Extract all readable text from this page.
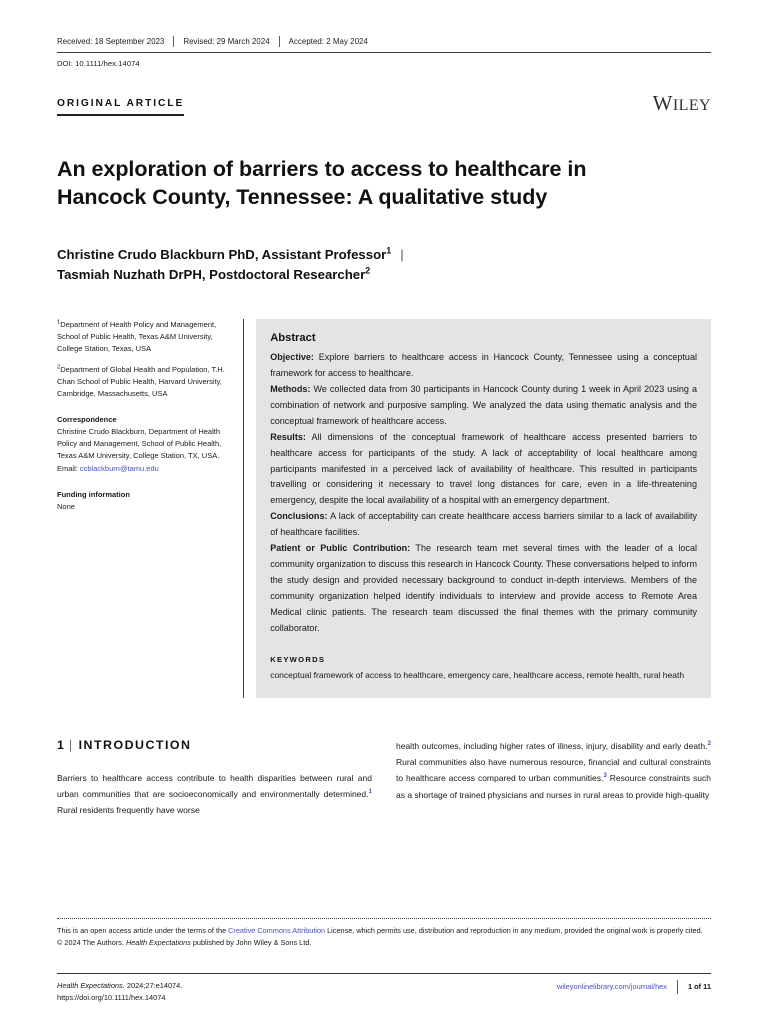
Received: 18 September 2023	Revised: 29 March 2024	Accepted: 2 May 2024
DOI: 10.1111/hex.14074
ORIGINAL ARTICLE	WILEY
An exploration of barriers to access to healthcare in Hancock County, Tennessee: A qualitative study
Christine Crudo Blackburn PhD, Assistant Professor$^1$ |
Tasmiah Nuzhath DrPH, Postdoctoral Researcher$^2$

$^1$Department of Health Policy and Management, School of Public Health, Texas A&M University, College Station, Texas, USA

$^2$Department of Global Health and Population, T.H. Chan School of Public Health, Harvard University, Cambridge, Massachusetts, USA

Correspondence

Christine Crudo Blackburn, Department of Health Policy and Management, School of Public Health, Texas A&M University, College Station, TX, USA.
Email: ccblackburn@tamu.edu

Funding information

None

Abstract

Objective: Explore barriers to healthcare access in Hancock County, Tennessee using a conceptual framework for access to healthcare.

Methods: We collected data from 30 participants in Hancock County during 1 week in April 2023 using a combination of network and purposive sampling. We analyzed the data using thematic analysis and the conceptual framework of healthcare access.

Results: All dimensions of the conceptual framework of healthcare access presented barriers to healthcare access for participants of the study. A lack of acceptability of local healthcare among participants manifested in a perceived lack of availability of healthcare. This resulted in participants travelling or considering it necessary to travel long distances for care, even in a life-threatening emergency, despite the local availability of a hospital with an emergency department.

Conclusions: A lack of acceptability can create healthcare access barriers similar to a lack of availability of healthcare facilities.

Patient or Public Contribution: The research team met several times with the leader of a local community organization to discuss this research in Hancock County. These conversations helped to inform the study design and provided necessary background to conduct in-depth interviews. Members of the community organization helped identify individuals to interview and provide access to Remote Area Medical clinic patients. The research team discussed the final themes with the primary community collaborator.

KEYWORDS

conceptual framework of access to healthcare, emergency care, healthcare access, remote health, rural heath

1 | INTRODUCTION

Barriers to healthcare access contribute to health disparities between rural and urban communities that are socioeconomically and environmentally determined.$^1$ Rural residents frequently have worse

health outcomes, including higher rates of illness, injury, disability and early death.$^2$ Rural communities also have numerous resource, financial and cultural constraints to healthcare access compared to urban communities.$^3$ Resource constraints such as a shortage of trained physicians and nurses in rural areas to provide high-quality

This is an open access article under the terms of the Creative Commons Attribution License, which permits use, distribution and reproduction in any medium, provided the original work is properly cited.

© 2024 The Authors. Health Expectations published by John Wiley & Sons Ltd.

Health Expectations. 2024;27:e14074.
https://doi.org/10.1111/hex.14074
wileyonlinelibrary.com/journal/hex	1 of 11
